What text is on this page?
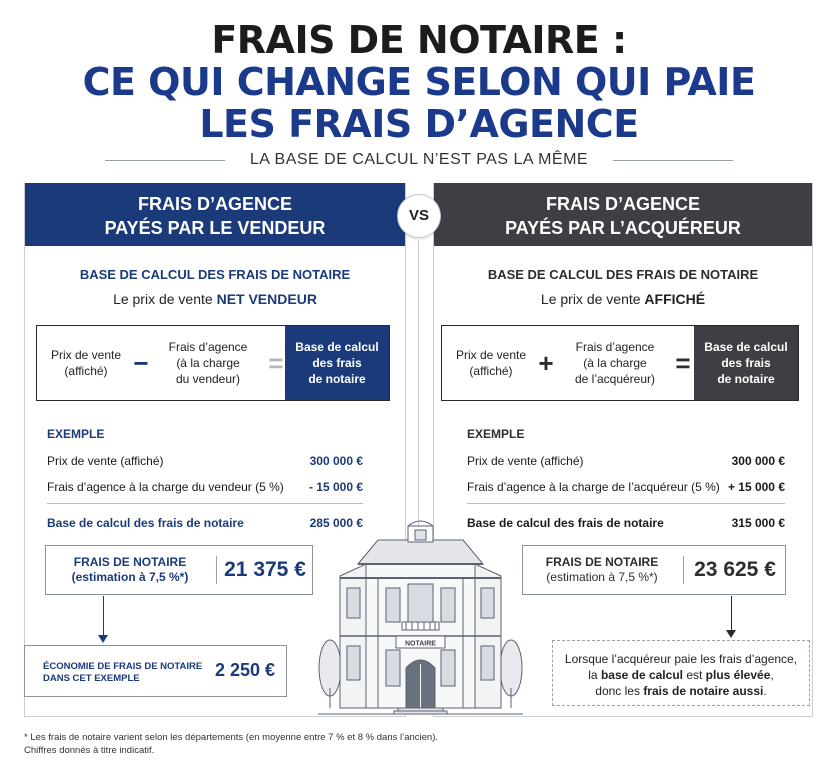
FRAIS DE NOTAIRE :
CE QUI CHANGE SELON QUI PAIE
LES FRAIS D’AGENCE
LA BASE DE CALCUL N’EST PAS LA MÊME
FRAIS D’AGENCE
PAYÉS PAR LE VENDEUR
BASE DE CALCUL DES FRAIS DE NOTAIRE
Le prix de vente NET VENDEUR
Prix de vente
(affiché) −
Frais d’agence
(à la charge
du vendeur)
=
Base de calcul
des frais
de notaire
EXEMPLE
Prix de vente (affiché)	300 000 €
Frais d’agence à la charge du vendeur (5 %) - 15 000 €
Base de calcul des frais de notaire	285 000 €
FRAIS DE NOTAIRE
(estimation à 7,5 %*)	21 375 €
FRAIS D’AGENCE
PAYÉS PAR L’ACQUÉREUR
BASE DE CALCUL DES FRAIS DE NOTAIRE
Le prix de vente AFFICHÉ
Prix de vente
(affiché) +
Frais d’agence
(à la charge
de l’acquéreur)
=
Base de calcul
des frais
de notaire
EXEMPLE
Prix de vente (affiché)	300 000 €
Frais d’agence à la charge de l’acquéreur (5 %) + 15 000 €
Base de calcul des frais de notaire	315 000 €
FRAIS DE NOTAIRE
(estimation à 7,5 %*)	23 625 €
VS
NOTAIRE
ÉCONOMIE DE FRAIS DE NOTAIRE
DANS CET EXEMPLE	2 250 €
Lorsque l’acquéreur paie les frais d’agence,
la base de calcul est plus élevée,
donc les frais de notaire aussi.
* Les frais de notaire varient selon les départements (en moyenne entre 7 % et 8 % dans l’ancien).
Chiffres donnés à titre indicatif.
